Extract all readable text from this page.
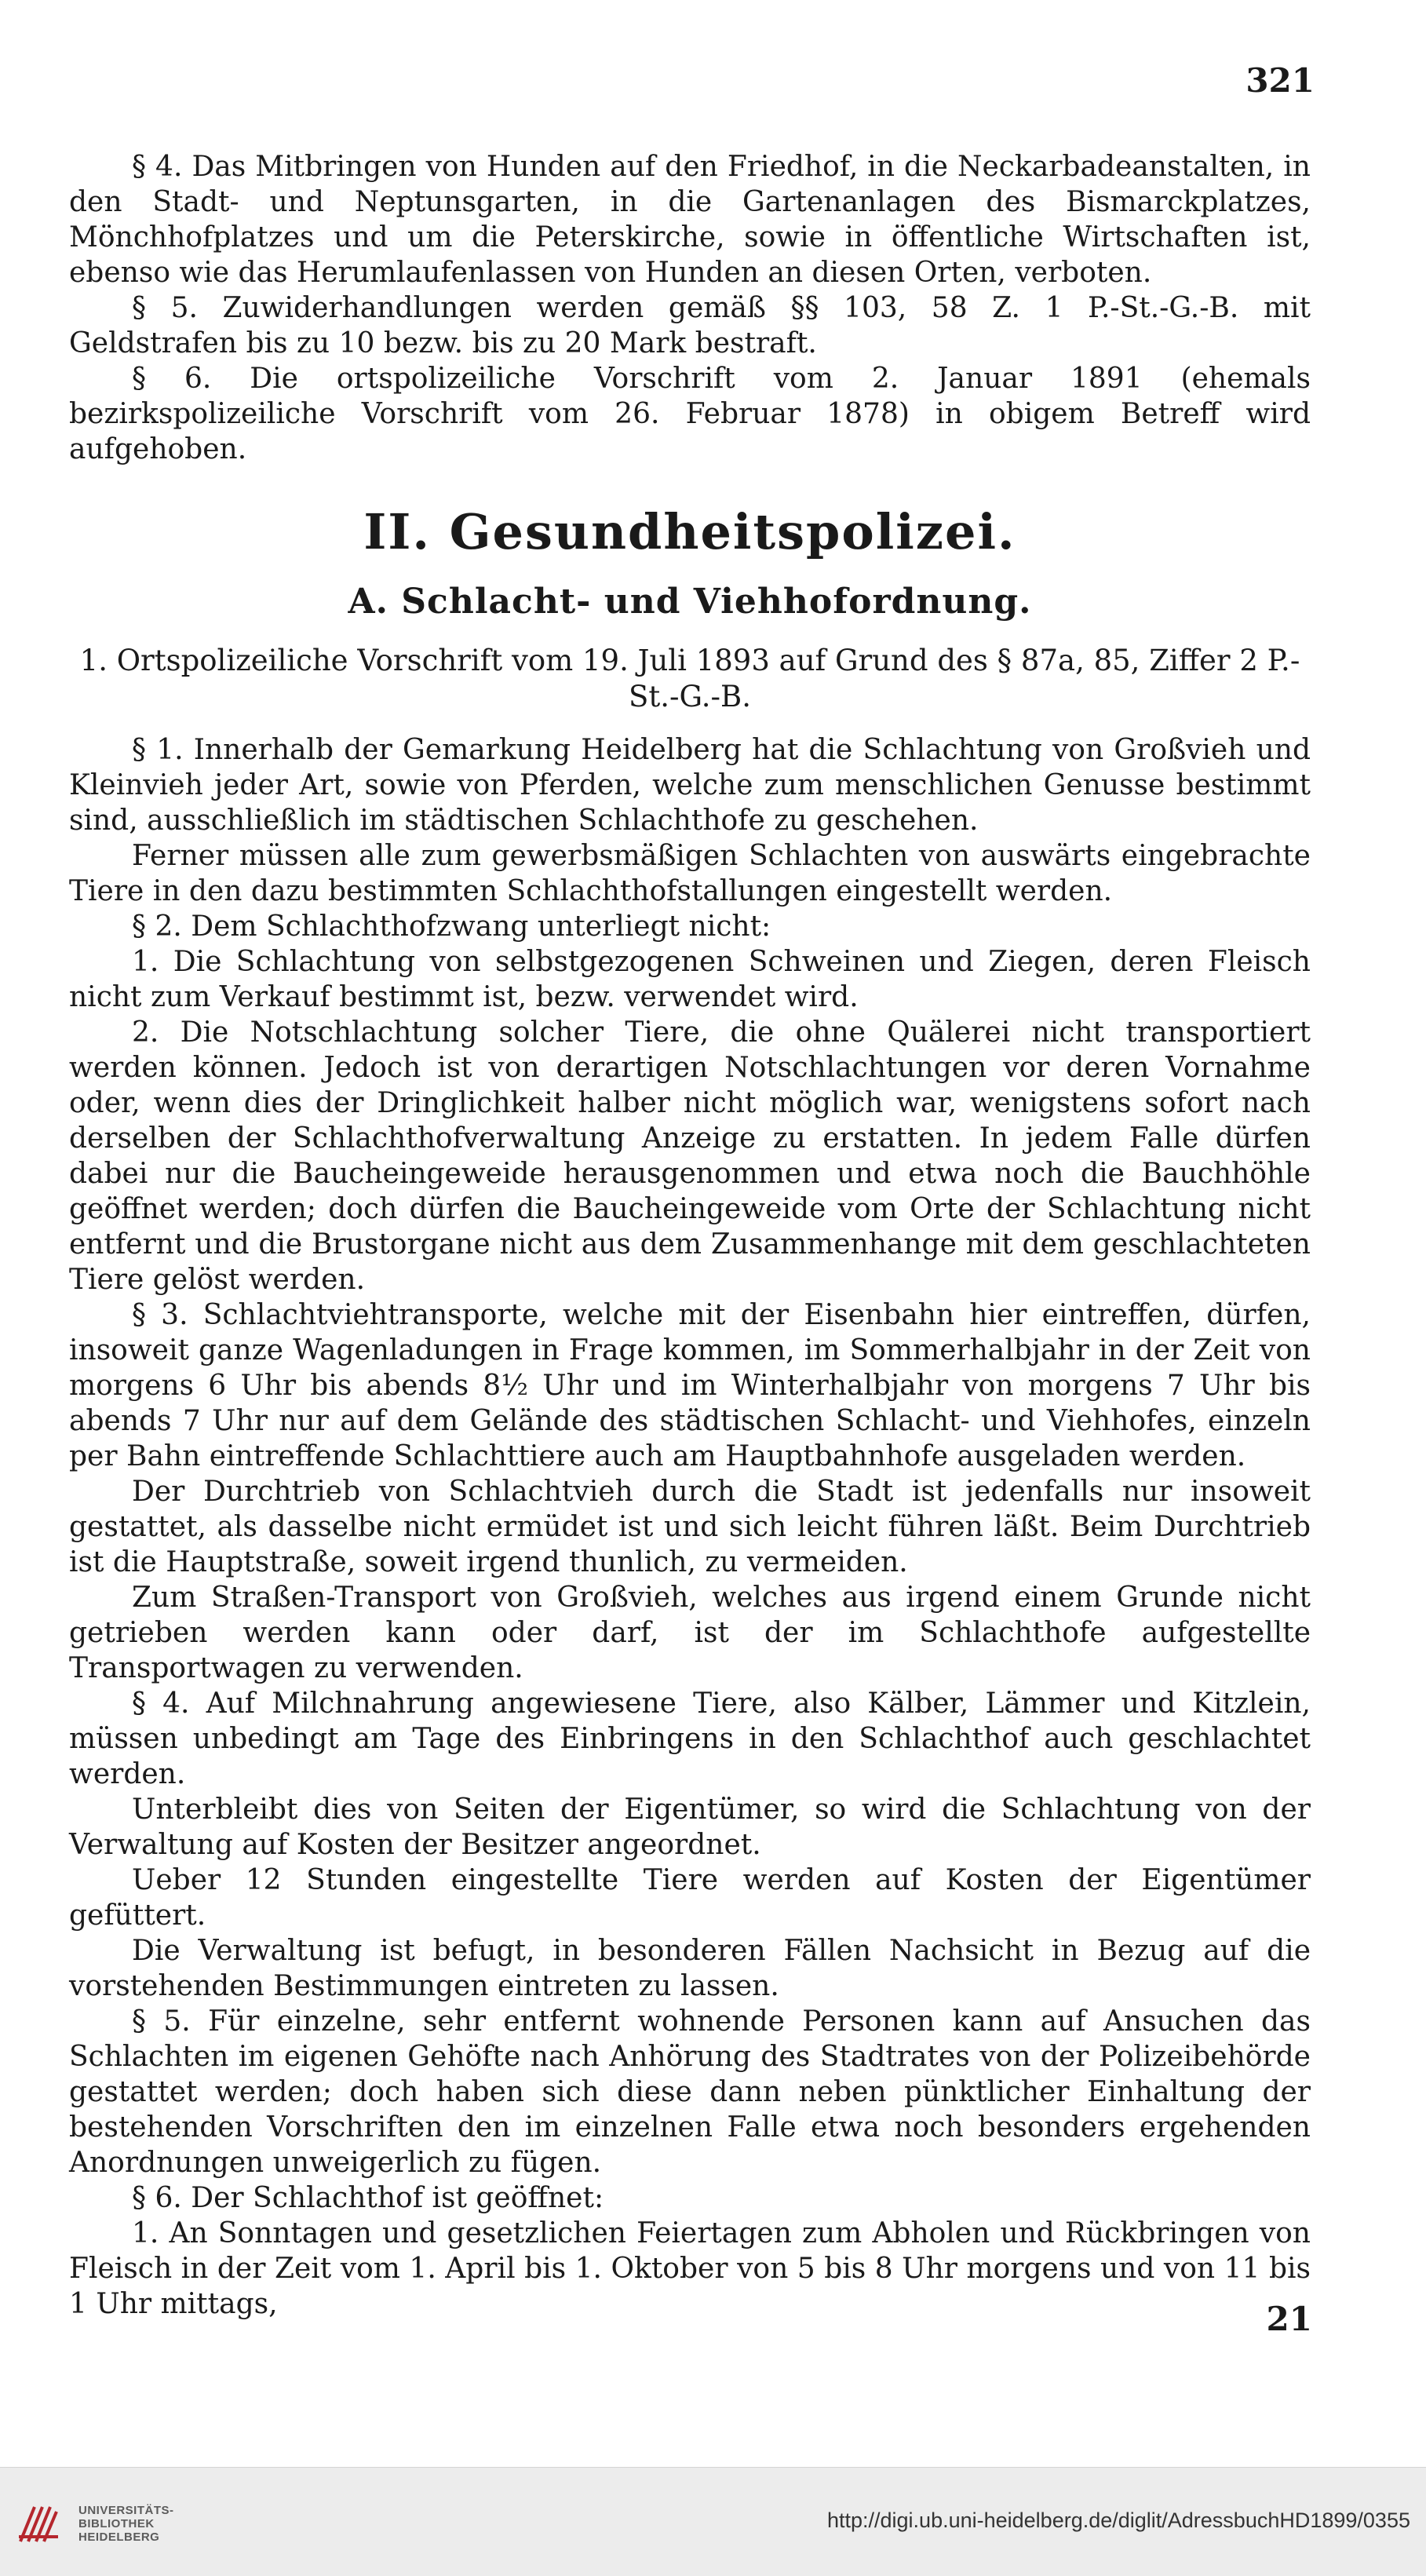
321

§ 4. Das Mitbringen von Hunden auf den Friedhof, in die Neckarbadeanstalten, in den Stadt- und Neptunsgarten, in die Gartenanlagen des Bismarckplatzes, Mönchhofplatzes und um die Peterskirche, sowie in öffentliche Wirtschaften ist, ebenso wie das Herumlaufenlassen von Hunden an diesen Orten, verboten.

§ 5. Zuwiderhandlungen werden gemäß §§ 103, 58 Z. 1 P.-St.-G.-B. mit Geldstrafen bis zu 10 bezw. bis zu 20 Mark bestraft.

§ 6. Die ortspolizeiliche Vorschrift vom 2. Januar 1891 (ehemals bezirkspolizeiliche Vorschrift vom 26. Februar 1878) in obigem Betreff wird aufgehoben.

II. Gesundheitspolizei.
A. Schlacht- und Viehhofordnung.
1. Ortspolizeiliche Vorschrift vom 19. Juli 1893 auf Grund des § 87a, 85, Ziffer 2 P.-St.-G.-B.

§ 1. Innerhalb der Gemarkung Heidelberg hat die Schlachtung von Großvieh und Kleinvieh jeder Art, sowie von Pferden, welche zum menschlichen Genusse bestimmt sind, ausschließlich im städtischen Schlachthofe zu geschehen.

Ferner müssen alle zum gewerbsmäßigen Schlachten von auswärts eingebrachte Tiere in den dazu bestimmten Schlachthofstallungen eingestellt werden.

§ 2. Dem Schlachthofzwang unterliegt nicht:

1. Die Schlachtung von selbstgezogenen Schweinen und Ziegen, deren Fleisch nicht zum Verkauf bestimmt ist, bezw. verwendet wird.

2. Die Notschlachtung solcher Tiere, die ohne Quälerei nicht transportiert werden können. Jedoch ist von derartigen Notschlachtungen vor deren Vornahme oder, wenn dies der Dringlichkeit halber nicht möglich war, wenigstens sofort nach derselben der Schlachthofverwaltung Anzeige zu erstatten. In jedem Falle dürfen dabei nur die Baucheingeweide herausgenommen und etwa noch die Bauchhöhle geöffnet werden; doch dürfen die Baucheingeweide vom Orte der Schlachtung nicht entfernt und die Brustorgane nicht aus dem Zusammenhange mit dem geschlachteten Tiere gelöst werden.

§ 3. Schlachtviehtransporte, welche mit der Eisenbahn hier eintreffen, dürfen, insoweit ganze Wagenladungen in Frage kommen, im Sommerhalbjahr in der Zeit von morgens 6 Uhr bis abends 8½ Uhr und im Winterhalbjahr von morgens 7 Uhr bis abends 7 Uhr nur auf dem Gelände des städtischen Schlacht- und Viehhofes, einzeln per Bahn eintreffende Schlachttiere auch am Hauptbahnhofe ausgeladen werden.

Der Durchtrieb von Schlachtvieh durch die Stadt ist jedenfalls nur insoweit gestattet, als dasselbe nicht ermüdet ist und sich leicht führen läßt. Beim Durchtrieb ist die Hauptstraße, soweit irgend thunlich, zu vermeiden.

Zum Straßen-Transport von Großvieh, welches aus irgend einem Grunde nicht getrieben werden kann oder darf, ist der im Schlachthofe aufgestellte Transportwagen zu verwenden.

§ 4. Auf Milchnahrung angewiesene Tiere, also Kälber, Lämmer und Kitzlein, müssen unbedingt am Tage des Einbringens in den Schlachthof auch geschlachtet werden.

Unterbleibt dies von Seiten der Eigentümer, so wird die Schlachtung von der Verwaltung auf Kosten der Besitzer angeordnet.

Ueber 12 Stunden eingestellte Tiere werden auf Kosten der Eigentümer gefüttert.

Die Verwaltung ist befugt, in besonderen Fällen Nachsicht in Bezug auf die vorstehenden Bestimmungen eintreten zu lassen.

§ 5. Für einzelne, sehr entfernt wohnende Personen kann auf Ansuchen das Schlachten im eigenen Gehöfte nach Anhörung des Stadtrates von der Polizeibehörde gestattet werden; doch haben sich diese dann neben pünktlicher Einhaltung der bestehenden Vorschriften den im einzelnen Falle etwa noch besonders ergehenden Anordnungen unweigerlich zu fügen.

§ 6. Der Schlachthof ist geöffnet:

1. An Sonntagen und gesetzlichen Feiertagen zum Abholen und Rückbringen von Fleisch in der Zeit vom 1. April bis 1. Oktober von 5 bis 8 Uhr morgens und von 11 bis 1 Uhr mittags,	21
UNIVERSITÄTS-
BIBLIOTHEK
HEIDELBERG
http://digi.ub.uni-heidelberg.de/diglit/AdressbuchHD1899/0355
